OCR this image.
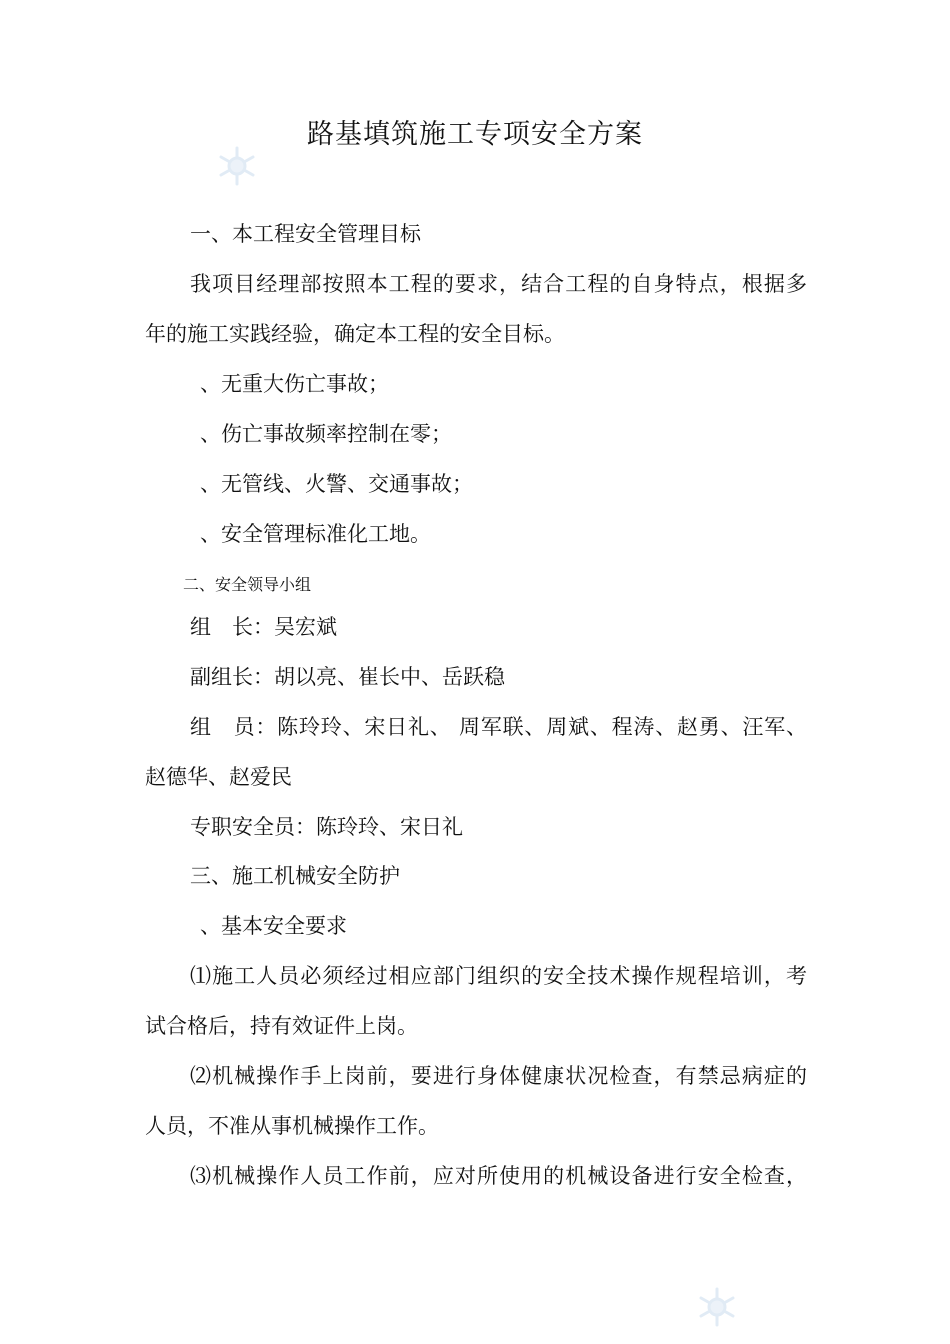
路基填筑施工专项安全方案
一、本工程安全管理目标
我项目经理部按照本工程的要求，结合工程的自身特点，根据多
年的施工实践经验，确定本工程的安全目标。
、无重大伤亡事故；
、伤亡事故频率控制在零；
、无管线、火警、交通事故；
、安全管理标准化工地。
二、安全领导小组
组　长：吴宏斌
副组长：胡以亮、崔长中、岳跃稳
组　员：陈玲玲、宋日礼、 周军联、周斌、程涛、赵勇、汪军、
赵德华、赵爱民
专职安全员：陈玲玲、宋日礼
三、施工机械安全防护
、基本安全要求
⑴施工人员必须经过相应部门组织的安全技术操作规程培训，考
试合格后，持有效证件上岗。
⑵机械操作手上岗前，要进行身体健康状况检查，有禁忌病症的
人员，不准从事机械操作工作。
⑶机械操作人员工作前，应对所使用的机械设备进行安全检查，
